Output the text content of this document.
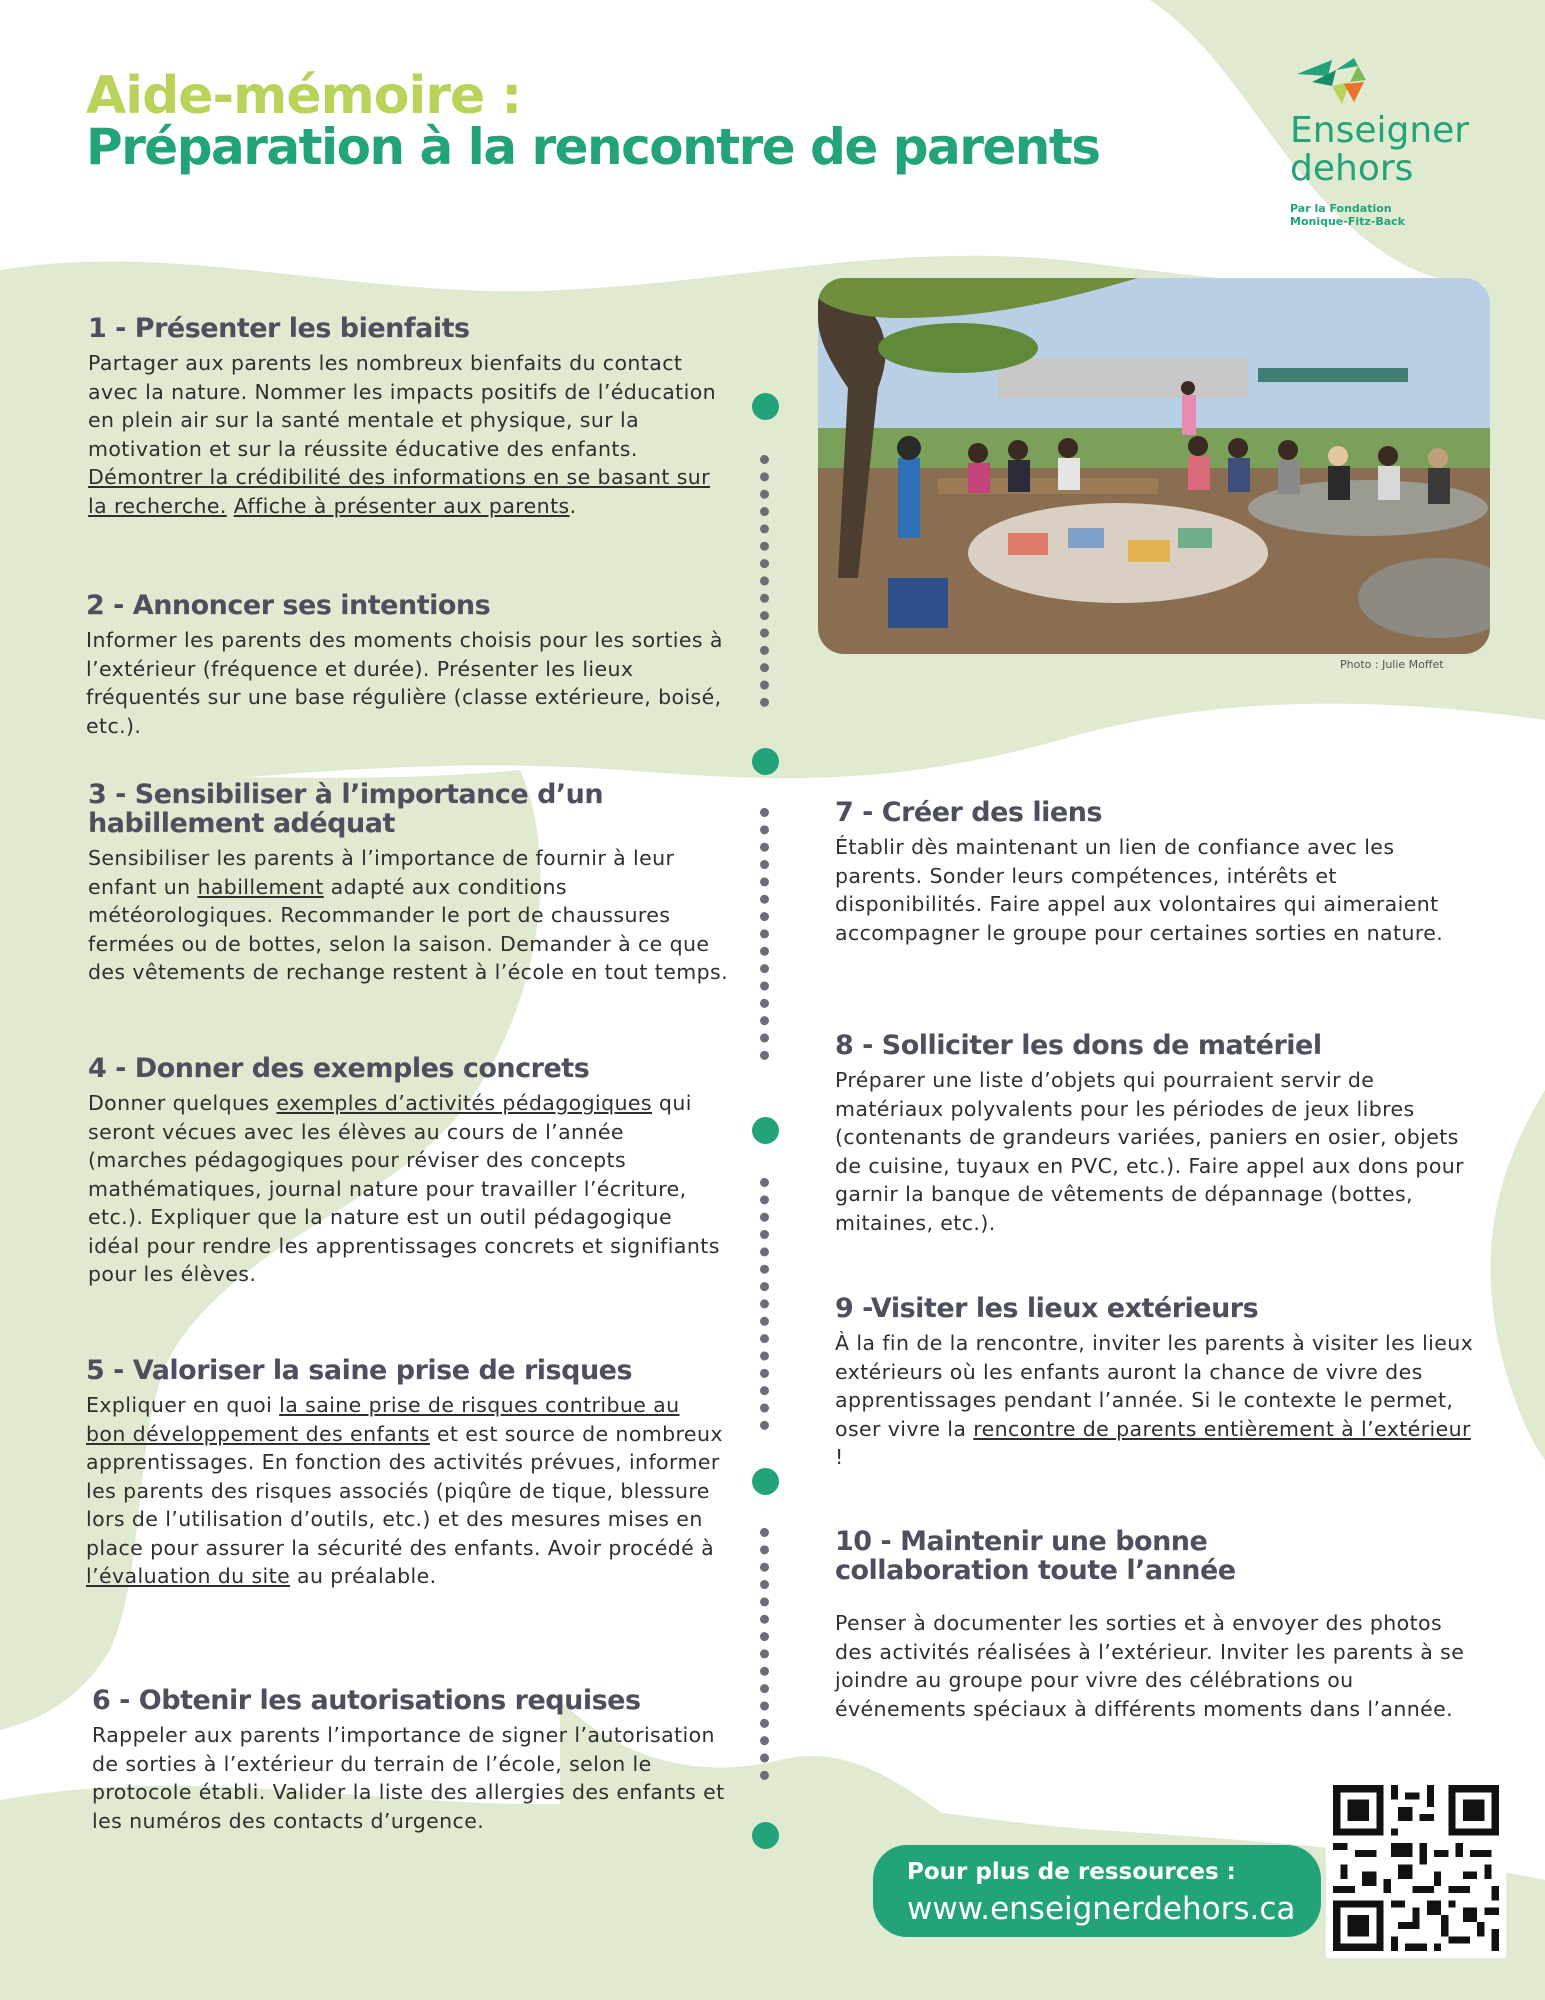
Aide-mémoire :
Préparation à la rencontre de parents	Enseigner
dehors
Par la Fondation
Monique-Fitz-Back
Photo : Julie Moffet
1 - Présenter les bienfaits

Partager aux parents les nombreux bienfaits du contact avec la nature. Nommer les impacts positifs de l’éducation en plein air sur la santé mentale et physique, sur la motivation et sur la réussite éducative des enfants. Démontrer la crédibilité des informations en se basant sur la recherche. Affiche à présenter aux parents.

2 - Annoncer ses intentions

Informer les parents des moments choisis pour les sorties à l’extérieur (fréquence et durée). Présenter les lieux fréquentés sur une base régulière (classe extérieure, boisé, etc.).

3 - Sensibiliser à l’importance d’un
habillement adéquat

Sensibiliser les parents à l’importance de fournir à leur enfant un habillement adapté aux conditions météorologiques. Recommander le port de chaussures fermées ou de bottes, selon la saison. Demander à ce que des vêtements de rechange restent à l’école en tout temps.

4 - Donner des exemples concrets

Donner quelques exemples d’activités pédagogiques qui seront vécues avec les élèves au cours de l’année (marches pédagogiques pour réviser des concepts mathématiques, journal nature pour travailler l’écriture, etc.). Expliquer que la nature est un outil pédagogique idéal pour rendre les apprentissages concrets et signifiants pour les élèves.

5 - Valoriser la saine prise de risques

Expliquer en quoi la saine prise de risques contribue au bon développement des enfants et est source de nombreux apprentissages. En fonction des activités prévues, informer les parents des risques associés (piqûre de tique, blessure lors de l’utilisation d’outils, etc.) et des mesures mises en place pour assurer la sécurité des enfants. Avoir procédé à l’évaluation du site au préalable.

6 - Obtenir les autorisations requises

Rappeler aux parents l’importance de signer l’autorisation de sorties à l’extérieur du terrain de l’école, selon le protocole établi. Valider la liste des allergies des enfants et les numéros des contacts d’urgence.

7 - Créer des liens

Établir dès maintenant un lien de confiance avec les parents. Sonder leurs compétences, intérêts et disponibilités. Faire appel aux volontaires qui aimeraient accompagner le groupe pour certaines sorties en nature.

8 - Solliciter les dons de matériel

Préparer une liste d’objets qui pourraient servir de matériaux polyvalents pour les périodes de jeux libres (contenants de grandeurs variées, paniers en osier, objets de cuisine, tuyaux en PVC, etc.). Faire appel aux dons pour garnir la banque de vêtements de dépannage (bottes, mitaines, etc.).

9 -Visiter les lieux extérieurs

À la fin de la rencontre, inviter les parents à visiter les lieux extérieurs où les enfants auront la chance de vivre des apprentissages pendant l’année. Si le contexte le permet, oser vivre la rencontre de parents entièrement à l’extérieur !

10 - Maintenir une bonne
collaboration toute l’année

Penser à documenter les sorties et à envoyer des photos des activités réalisées à l’extérieur. Inviter les parents à se joindre au groupe pour vivre des célébrations ou événements spéciaux à différents moments dans l’année.

Pour plus de ressources :
www.enseignerdehors.ca
